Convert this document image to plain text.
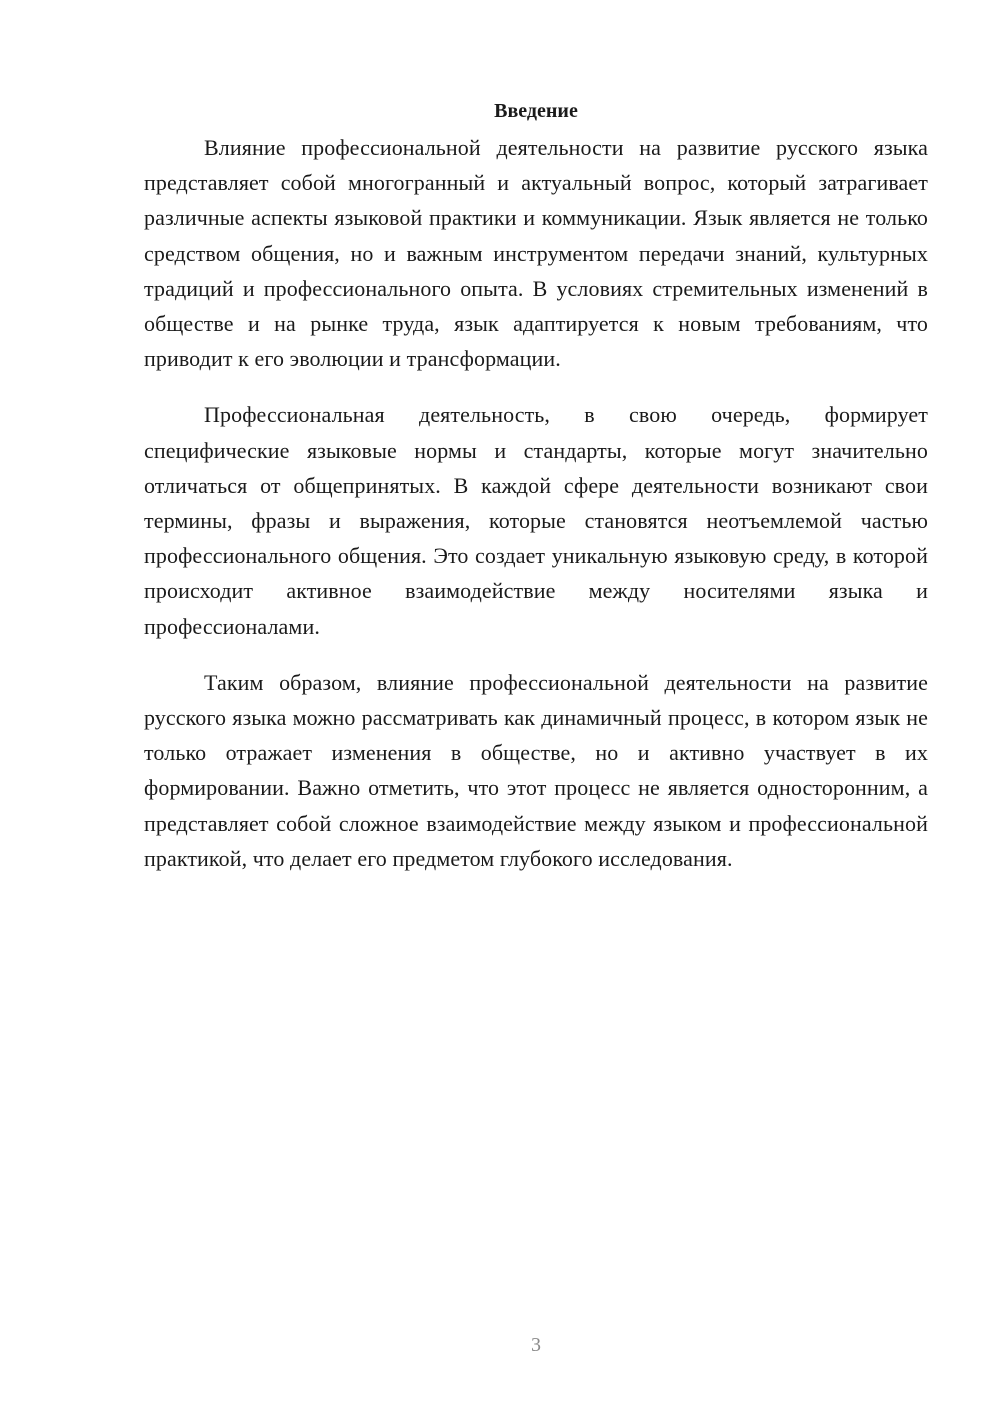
Введение

Влияние профессиональной деятельности на развитие русского языка представляет собой многогранный и актуальный вопрос, который затрагивает различные аспекты языковой практики и коммуникации. Язык является не только средством общения, но и важным инструментом передачи знаний, культурных традиций и профессионального опыта. В условиях стремительных изменений в обществе и на рынке труда, язык адаптируется к новым требованиям, что приводит к его эволюции и трансформации.

Профессиональная деятельность, в свою очередь, формирует специфические языковые нормы и стандарты, которые могут значительно отличаться от общепринятых. В каждой сфере деятельности возникают свои термины, фразы и выражения, которые становятся неотъемлемой частью профессионального общения. Это создает уникальную языковую среду, в которой происходит активное взаимодействие между носителями языка и профессионалами.

Таким образом, влияние профессиональной деятельности на развитие русского языка можно рассматривать как динамичный процесс, в котором язык не только отражает изменения в обществе, но и активно участвует в их формировании. Важно отметить, что этот процесс не является односторонним, а представляет собой сложное взаимодействие между языком и профессиональной практикой, что делает его предметом глубокого исследования.

3
